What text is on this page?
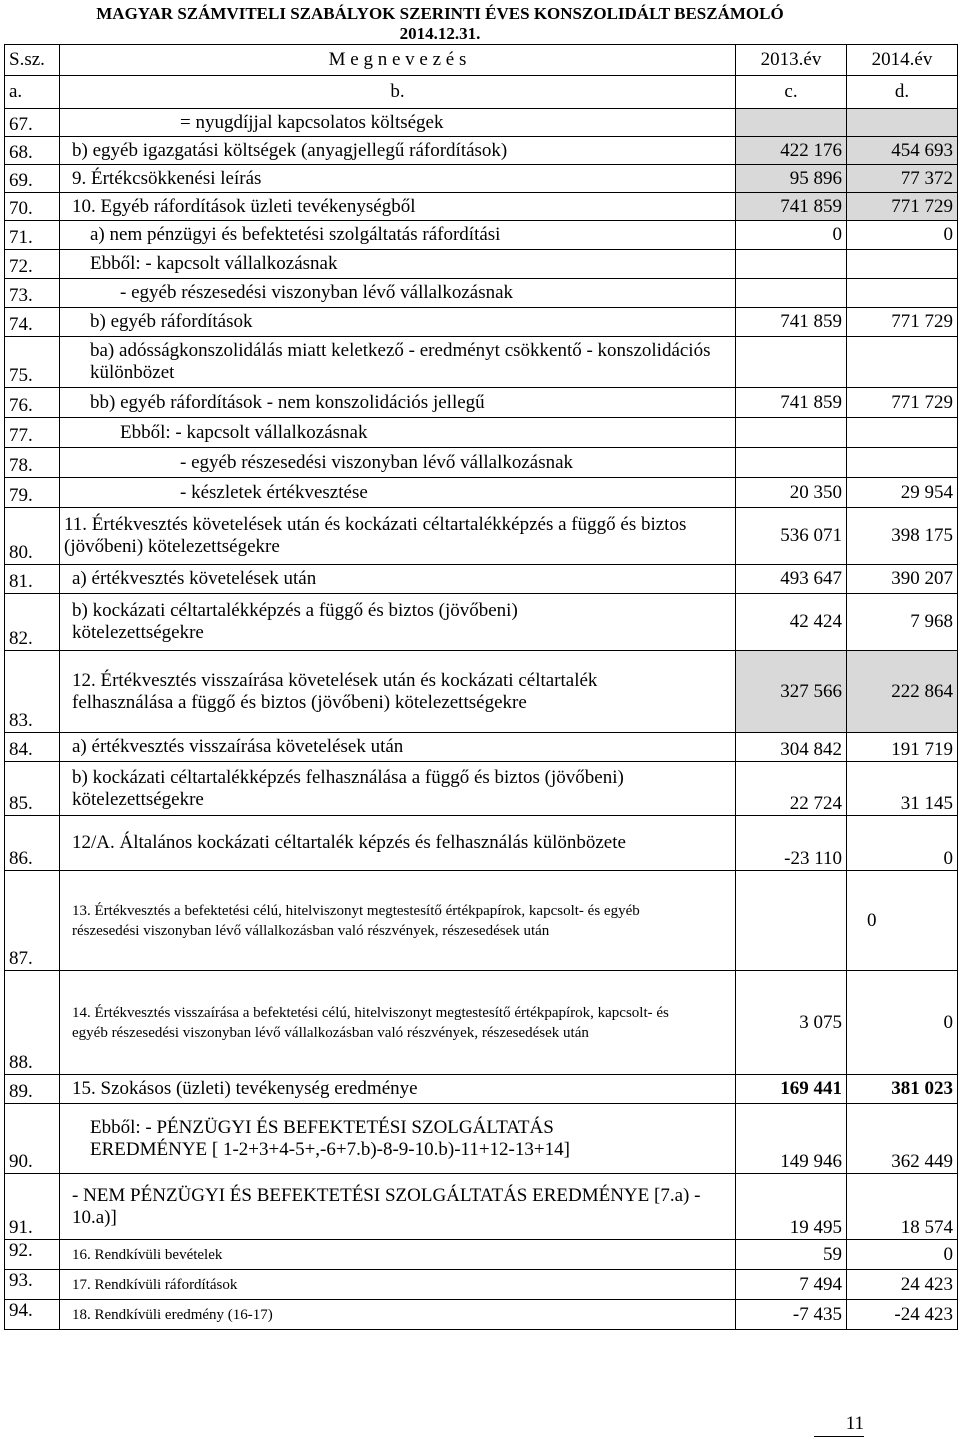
MAGYAR SZÁMVITELI SZABÁLYOK SZERINTI ÉVES KONSZOLIDÁLT BESZÁMOLÓ
2014.12.31.
S.sz.	M e g n e v e z é s	2013.év	2014.év
a.	b.	c.	d.
67.	= nyugdíjjal kapcsolatos költségek		
68.	b) egyéb igazgatási költségek (anyagjellegű ráfordítások)	422 176	454 693
69.	9. Értékcsökkenési leírás	95 896	77 372
70.	10. Egyéb ráfordítások üzleti tevékenységből	741 859	771 729
71.	a) nem pénzügyi és befektetési szolgáltatás ráfordítási	0	0
72.	Ebből: - kapcsolt vállalkozásnak		
73.	- egyéb részesedési viszonyban lévő vállalkozásnak		
74.	b) egyéb ráfordítások	741 859	771 729
75.	ba) adósságkonszolidálás miatt keletkező - eredményt csökkentő - konszolidációs különbözet		
76.	bb) egyéb ráfordítások - nem konszolidációs jellegű	741 859	771 729
77.	Ebből: - kapcsolt vállalkozásnak		
78.	- egyéb részesedési viszonyban lévő vállalkozásnak		
79.	- készletek értékvesztése	20 350	29 954
80.	11. Értékvesztés követelések után és kockázati céltartalékképzés a függő és biztos (jövőbeni) kötelezettségekre	536 071	398 175
81.	a) értékvesztés követelések után	493 647	390 207
82.	b) kockázati céltartalékképzés a függő és biztos (jövőbeni) kötelezettségekre	42 424	7 968
83.	12. Értékvesztés visszaírása követelések után és kockázati céltartalék felhasználása a függő és biztos (jövőbeni) kötelezettségekre	327 566	222 864
84.	a) értékvesztés visszaírása követelések után	304 842	191 719
85.	b) kockázati céltartalékképzés felhasználása a függő és biztos (jövőbeni) kötelezettségekre	22 724	31 145
86.	12/A. Általános kockázati céltartalék képzés és felhasználás különbözete	-23 110	0
87.	13. Értékvesztés a befektetési célú, hitelviszonyt megtestesítő értékpapírok, kapcsolt- és egyéb részesedési viszonyban lévő vállalkozásban való részvények, részesedések után		0
88.	14. Értékvesztés visszaírása a befektetési célú, hitelviszonyt megtestesítő értékpapírok, kapcsolt- és egyéb részesedési viszonyban lévő vállalkozásban való részvények, részesedések után	3 075	0
89.	15. Szokásos (üzleti) tevékenység eredménye	169 441	381 023
90.	Ebből: - PÉNZÜGYI ÉS BEFEKTETÉSI SZOLGÁLTATÁS EREDMÉNYE [ 1-2+3+4-5+,-6+7.b)-8-9-10.b)-11+12-13+14]	149 946	362 449
91.	- NEM PÉNZÜGYI ÉS BEFEKTETÉSI SZOLGÁLTATÁS EREDMÉNYE [7.a) - 10.a)]	19 495	18 574
92.	16. Rendkívüli bevételek	59	0
93.	17. Rendkívüli ráfordítások	7 494	24 423
94.	18. Rendkívüli eredmény (16-17)	-7 435	-24 423
11
